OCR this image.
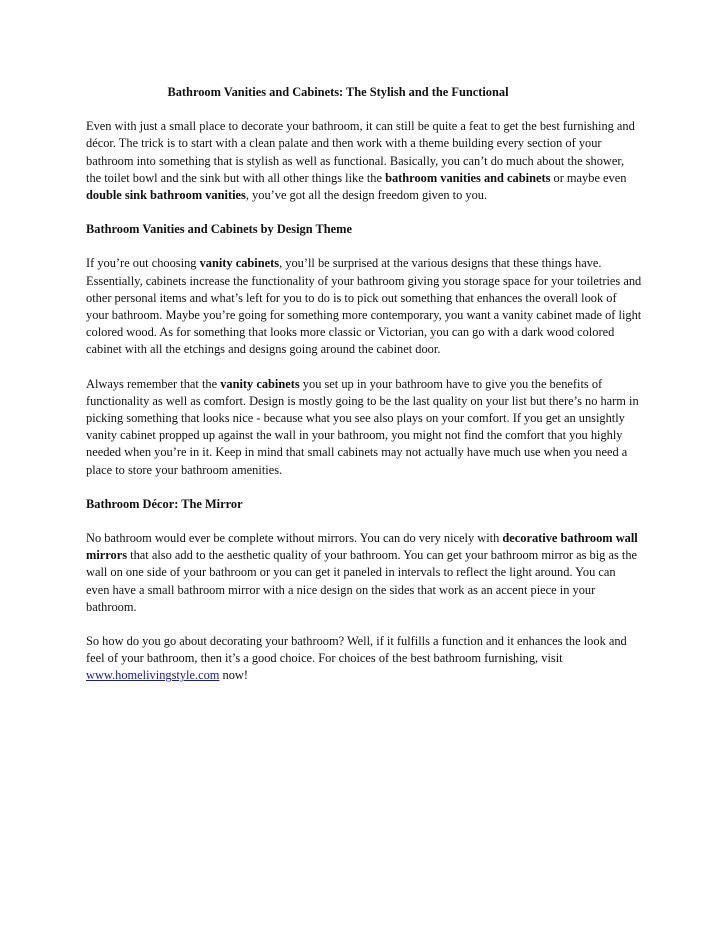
Bathroom Vanities and Cabinets: The Stylish and the Functional

Even with just a small place to decorate your bathroom, it can still be quite a feat to get the best furnishing and décor. The trick is to start with a clean palate and then work with a theme building every section of your bathroom into something that is stylish as well as functional. Basically, you can’t do much about the shower, the toilet bowl and the sink but with all other things like the bathroom vanities and cabinets or maybe even double sink bathroom vanities, you’ve got all the design freedom given to you.

Bathroom Vanities and Cabinets by Design Theme

If you’re out choosing vanity cabinets, you’ll be surprised at the various designs that these things have. Essentially, cabinets increase the functionality of your bathroom giving you storage space for your toiletries and other personal items and what’s left for you to do is to pick out something that enhances the overall look of your bathroom. Maybe you’re going for something more contemporary, you want a vanity cabinet made of light colored wood. As for something that looks more classic or Victorian, you can go with a dark wood colored cabinet with all the etchings and designs going around the cabinet door.

Always remember that the vanity cabinets you set up in your bathroom have to give you the benefits of functionality as well as comfort. Design is mostly going to be the last quality on your list but there’s no harm in picking something that looks nice - because what you see also plays on your comfort. If you get an unsightly vanity cabinet propped up against the wall in your bathroom, you might not find the comfort that you highly needed when you’re in it. Keep in mind that small cabinets may not actually have much use when you need a place to store your bathroom amenities.

Bathroom Décor: The Mirror

No bathroom would ever be complete without mirrors. You can do very nicely with decorative bathroom wall mirrors that also add to the aesthetic quality of your bathroom. You can get your bathroom mirror as big as the wall on one side of your bathroom or you can get it paneled in intervals to reflect the light around. You can even have a small bathroom mirror with a nice design on the sides that work as an accent piece in your bathroom.

So how do you go about decorating your bathroom? Well, if it fulfills a function and it enhances the look and feel of your bathroom, then it’s a good choice. For choices of the best bathroom furnishing, visit www.homelivingstyle.com now!
